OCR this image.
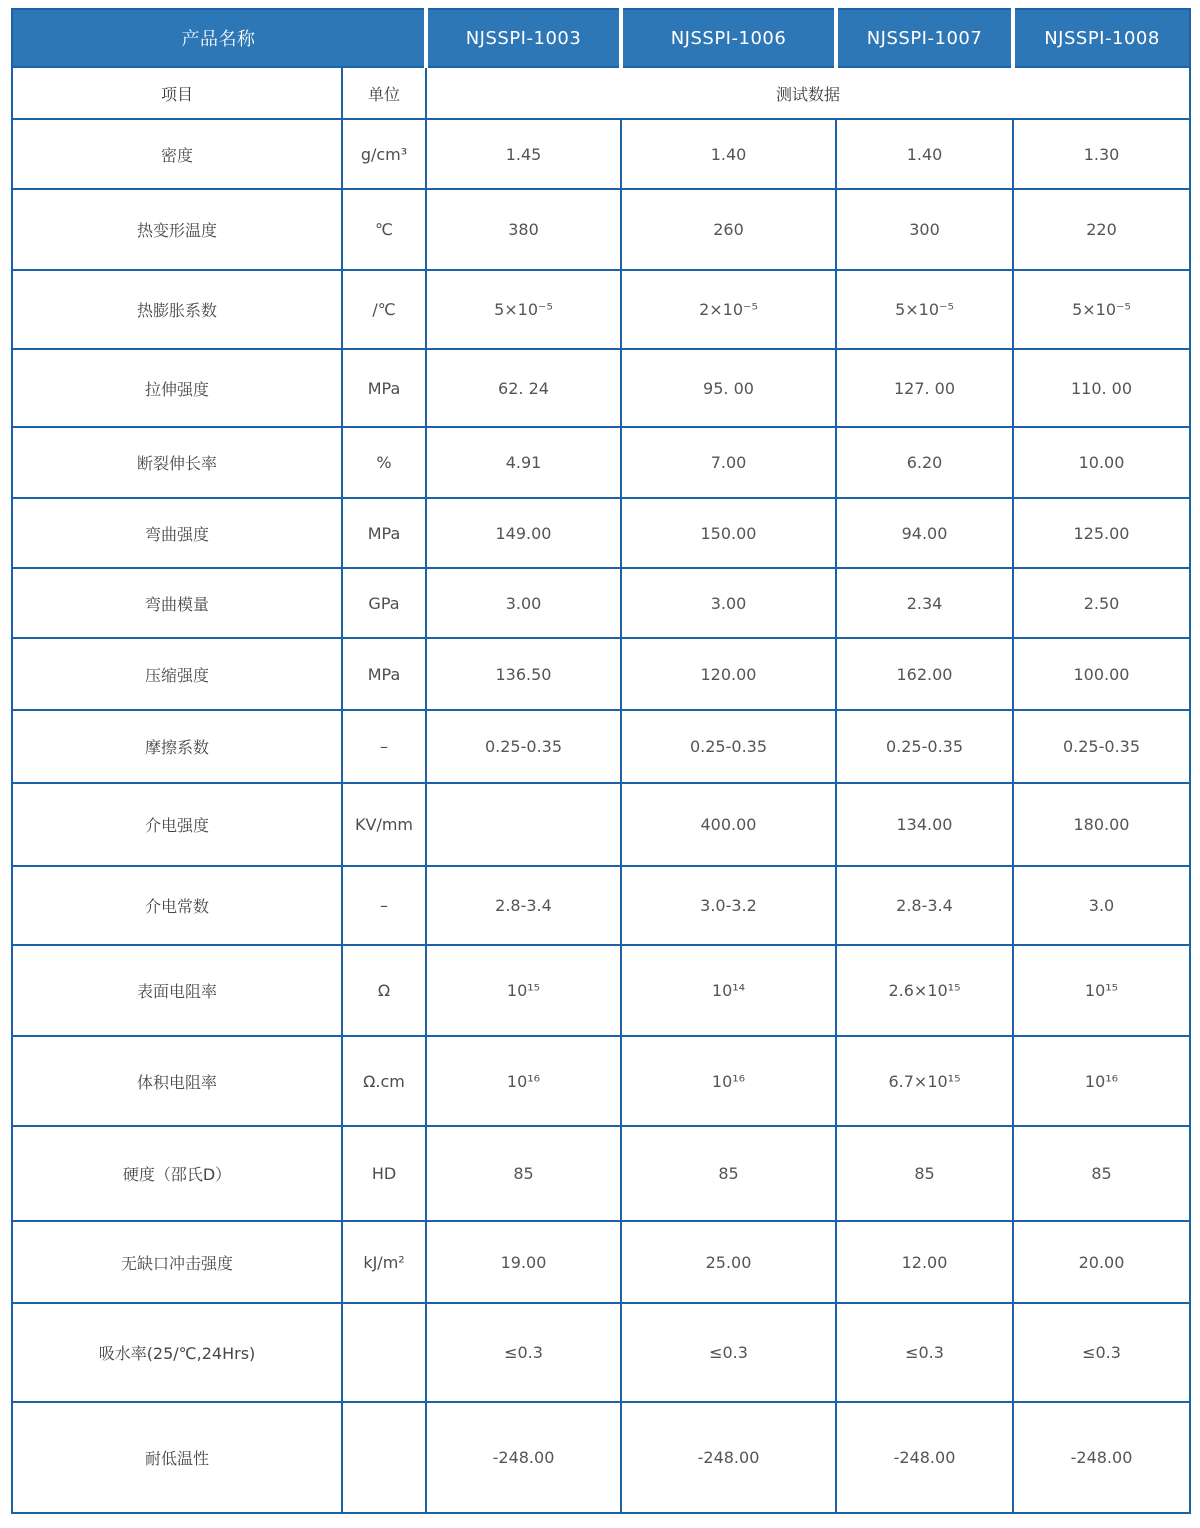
产品名称		NJSSPI-1003	NJSSPI-1006	NJSSPI-1007	NJSSPI-1008
项目	单位	测试数据			
密度	g/cm³	1.45	1.40	1.40	1.30
热变形温度	℃	380	260	300	220
热膨胀系数	/℃	5×10⁻⁵	2×10⁻⁵	5×10⁻⁵	5×10⁻⁵
拉伸强度	MPa	62. 24	95. 00	127. 00	110. 00
断裂伸长率	%	4.91	7.00	6.20	10.00
弯曲强度	MPa	149.00	150.00	94.00	125.00
弯曲模量	GPa	3.00	3.00	2.34	2.50
压缩强度	MPa	136.50	120.00	162.00	100.00
摩擦系数	–	0.25-0.35	0.25-0.35	0.25-0.35	0.25-0.35
介电强度	KV/mm		400.00	134.00	180.00
介电常数	–	2.8-3.4	3.0-3.2	2.8-3.4	3.0
表面电阻率	Ω	10¹⁵	10¹⁴	2.6×10¹⁵	10¹⁵
体积电阻率	Ω.cm	10¹⁶	10¹⁶	6.7×10¹⁵	10¹⁶
硬度（邵氏D）	HD	85	85	85	85
无缺口冲击强度	kJ/m²	19.00	25.00	12.00	20.00
吸水率(25/℃,24Hrs)		≤0.3	≤0.3	≤0.3	≤0.3
耐低温性		-248.00	-248.00	-248.00	-248.00
